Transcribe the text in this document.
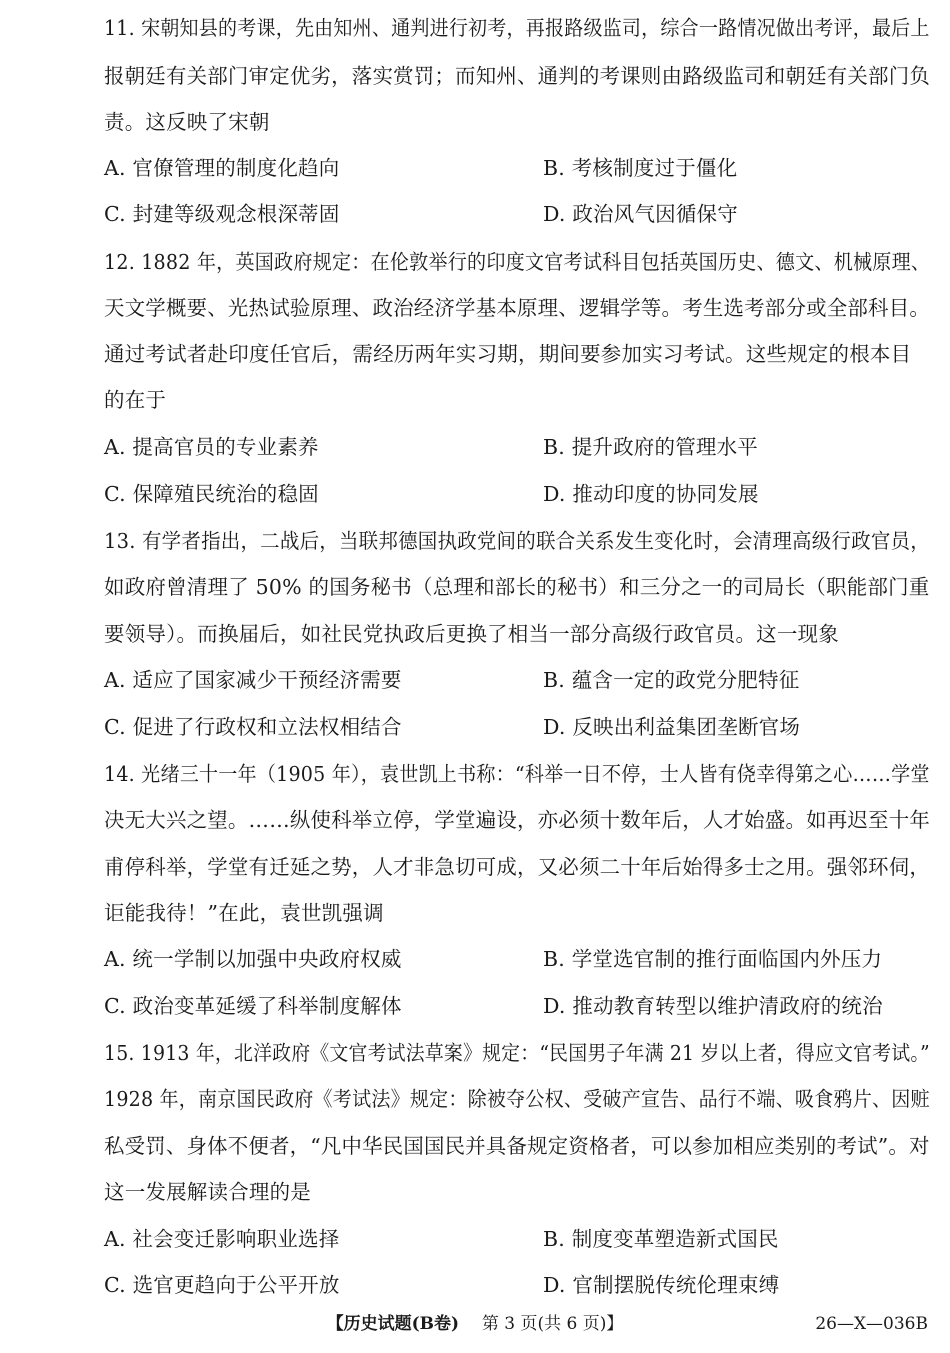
11. 宋朝知县的考课，先由知州、通判进行初考，再报路级监司，综合一路情况做出考评，最后上
报朝廷有关部门审定优劣，落实赏罚；而知州、通判的考课则由路级监司和朝廷有关部门负
责。这反映了宋朝
A. 官僚管理的制度化趋向	B. 考核制度过于僵化
C. 封建等级观念根深蒂固	D. 政治风气因循保守
12. 1882 年，英国政府规定：在伦敦举行的印度文官考试科目包括英国历史、德文、机械原理、
天文学概要、光热试验原理、政治经济学基本原理、逻辑学等。考生选考部分或全部科目。
通过考试者赴印度任官后，需经历两年实习期，期间要参加实习考试。这些规定的根本目
的在于
A. 提高官员的专业素养	B. 提升政府的管理水平
C. 保障殖民统治的稳固	D. 推动印度的协同发展
13. 有学者指出，二战后，当联邦德国执政党间的联合关系发生变化时，会清理高级行政官员，
如政府曾清理了 50% 的国务秘书（总理和部长的秘书）和三分之一的司局长（职能部门重
要领导）。而换届后，如社民党执政后更换了相当一部分高级行政官员。这一现象
A. 适应了国家减少干预经济需要	B. 蕴含一定的政党分肥特征
C. 促进了行政权和立法权相结合	D. 反映出利益集团垄断官场
14. 光绪三十一年（1905 年），袁世凯上书称：“科举一日不停，士人皆有侥幸得第之心……学堂
决无大兴之望。……纵使科举立停，学堂遍设，亦必须十数年后，人才始盛。如再迟至十年
甫停科举，学堂有迁延之势，人才非急切可成，又必须二十年后始得多士之用。强邻环伺，
讵能我待！”在此，袁世凯强调
A. 统一学制以加强中央政府权威	B. 学堂选官制的推行面临国内外压力
C. 政治变革延缓了科举制度解体	D. 推动教育转型以维护清政府的统治
15. 1913 年，北洋政府《文官考试法草案》规定：“民国男子年满 21 岁以上者，得应文官考试。”
1928 年，南京国民政府《考试法》规定：除被夺公权、受破产宣告、品行不端、吸食鸦片、因赃
私受罚、身体不便者，“凡中华民国国民并具备规定资格者，可以参加相应类别的考试”。对
这一发展解读合理的是
A. 社会变迁影响职业选择	B. 制度变革塑造新式国民
C. 选官更趋向于公平开放	D. 官制摆脱传统伦理束缚
【历史试题(B卷) 第 3 页(共 6 页)】	26—X—036B
